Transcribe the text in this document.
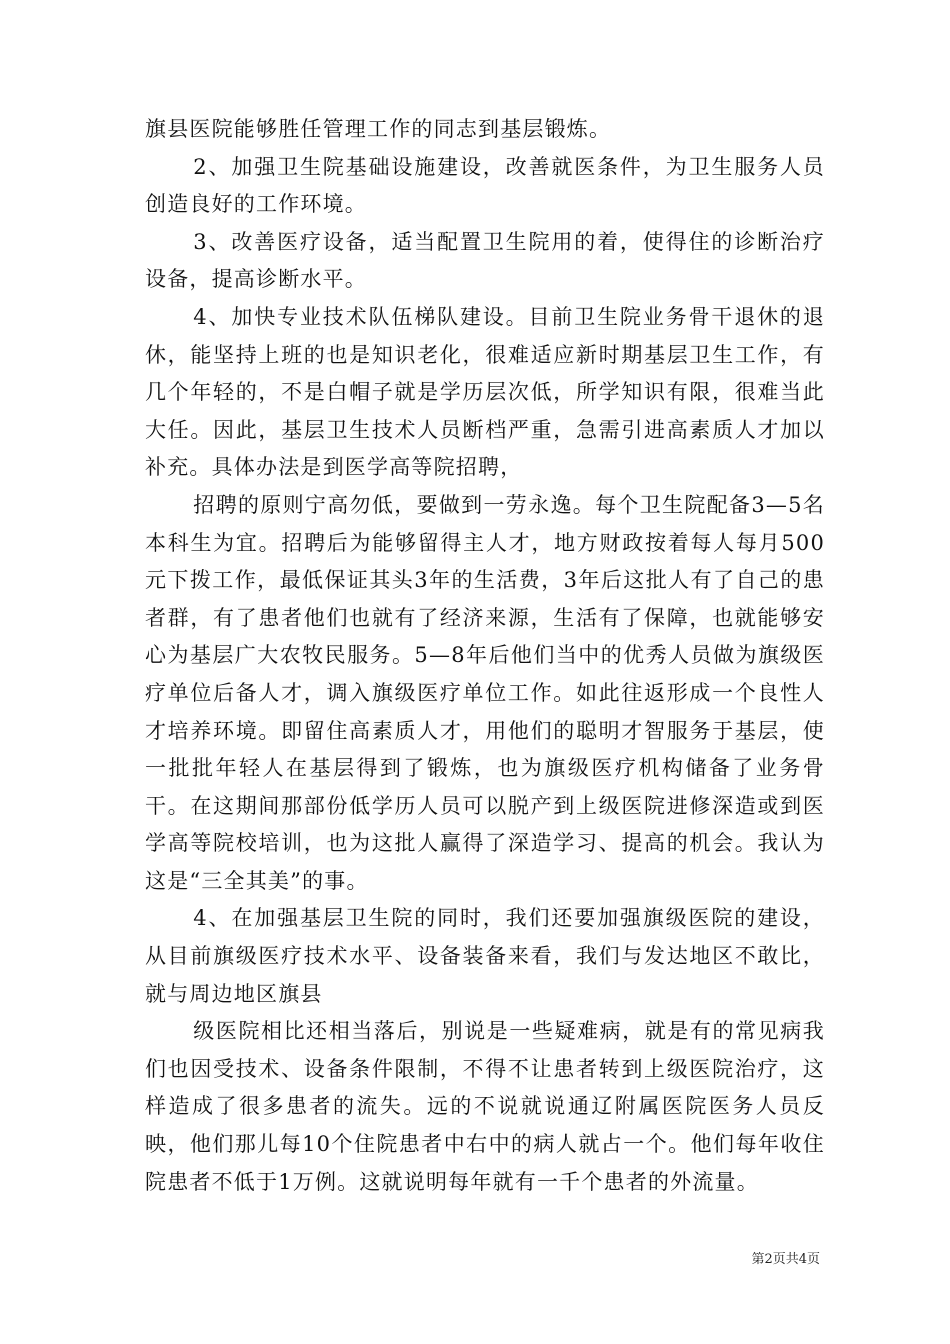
旗县医院能够胜任管理工作的同志到基层锻炼。

2、加强卫生院基础设施建设，改善就医条件，为卫生服务人员创造良好的工作环境。

3、改善医疗设备，适当配置卫生院用的着，使得住的诊断治疗设备，提高诊断水平。

4、加快专业技术队伍梯队建设。目前卫生院业务骨干退休的退休，能坚持上班的也是知识老化，很难适应新时期基层卫生工作，有几个年轻的，不是白帽子就是学历层次低，所学知识有限，很难当此大任。因此，基层卫生技术人员断档严重，急需引进高素质人才加以补充。具体办法是到医学高等院招聘，

招聘的原则宁高勿低，要做到一劳永逸。每个卫生院配备3—5名本科生为宜。招聘后为能够留得主人才，地方财政按着每人每月500元下拨工作，最低保证其头3年的生活费，3年后这批人有了自己的患者群，有了患者他们也就有了经济来源，生活有了保障，也就能够安心为基层广大农牧民服务。5—8年后他们当中的优秀人员做为旗级医疗单位后备人才，调入旗级医疗单位工作。如此往返形成一个良性人才培养环境。即留住高素质人才，用他们的聪明才智服务于基层，使一批批年轻人在基层得到了锻炼，也为旗级医疗机构储备了业务骨干。在这期间那部份低学历人员可以脱产到上级医院进修深造或到医学高等院校培训，也为这批人赢得了深造学习、提高的机会。我认为这是“三全其美”的事。

4、在加强基层卫生院的同时，我们还要加强旗级医院的建设，从目前旗级医疗技术水平、设备装备来看，我们与发达地区不敢比，就与周边地区旗县

级医院相比还相当落后，别说是一些疑难病，就是有的常见病我们也因受技术、设备条件限制，不得不让患者转到上级医院治疗，这样造成了很多患者的流失。远的不说就说通辽附属医院医务人员反映，他们那儿每10个住院患者中右中的病人就占一个。他们每年收住院患者不低于1万例。这就说明每年就有一千个患者的外流量。

第2页共4页
